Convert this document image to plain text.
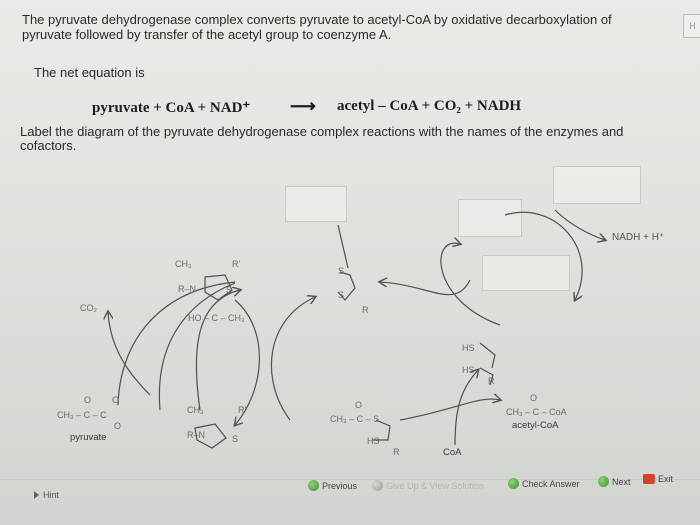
H

The pyruvate dehydrogenase complex converts pyruvate to acetyl-CoA by oxidative decarboxylation of
pyruvate followed by transfer of the acetyl group to coenzyme A.

The net equation is
pyruvate + CoA + NAD⁺ ⟶ acetyl – CoA + CO₂ + NADH

Label the diagram of the pyruvate dehydrogenase complex reactions with the names of the enzymes and
cofactors.

CO₂
O O
CH₃ – C – C
O
pyruvate
CH₃	R'
R–N	S
HO – C – CH₃
CH₃	R'
R–N	S
S
S
R
O
CH₃ – C – S
HS
R
HS
HS
R
CoA
O
CH₃ – C – CoA
acetyl-CoA
NADH + H⁺
Previous	Give Up & View Solution	Check Answer	Next	Exit
Hint
